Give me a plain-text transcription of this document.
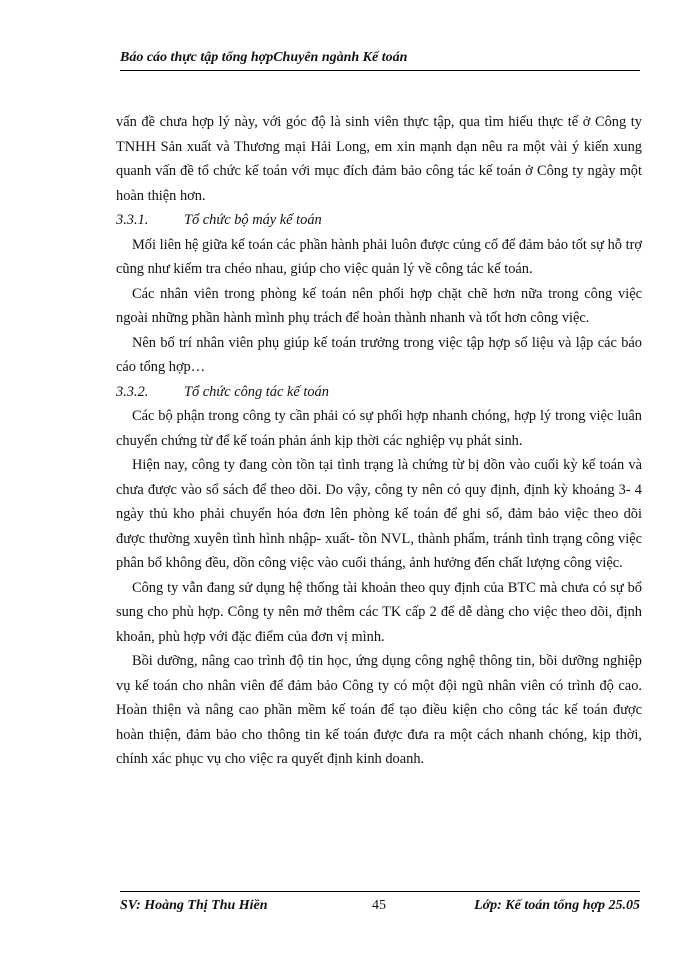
Báo cáo thực tập tổng hợpChuyên ngành Kế toán

vấn đề chưa hợp lý này, với góc độ là sinh viên thực tập, qua tìm hiểu thực tế ở Công ty TNHH Sản xuất và Thương mại Hải Long, em xin mạnh dạn nêu ra một vài ý kiến xung quanh vấn đề tổ chức kế toán với mục đích đảm bảo công tác kế toán ở Công ty ngày một hoàn thiện hơn.

3.3.1.	Tổ chức bộ máy kế toán

Mối liên hệ giữa kế toán các phần hành phải luôn được củng cố để đảm bảo tốt sự hỗ trợ cũng như kiểm tra chéo nhau, giúp cho việc quản lý về công tác kế toán.

Các nhân viên trong phòng kế toán nên phối hợp chặt chẽ hơn nữa trong công việc ngoài những phần hành mình phụ trách để hoàn thành nhanh và tốt hơn công việc.

Nên bố trí nhân viên phụ giúp kế toán trưởng trong việc tập hợp số liệu và lập các báo cáo tổng hợp…

3.3.2.	Tổ chức công tác kế toán

Các bộ phận trong công ty cần phải có sự phối hợp nhanh chóng, hợp lý trong việc luân chuyển chứng từ để kế toán phản ánh kịp thời các nghiệp vụ phát sinh.

Hiện nay, công ty đang còn tồn tại tình trạng là chứng từ bị dồn vào cuối kỳ kế toán và chưa được vào sổ sách để theo dõi. Do vậy, công ty nên có quy định, định kỳ khoảng 3- 4 ngày thủ kho phải chuyển hóa đơn lên phòng kế toán để ghi sổ, đảm bảo việc theo dõi được thường xuyên tình hình nhập- xuất- tồn NVL, thành phẩm, tránh tình trạng công việc phân bổ không đều, dồn công việc vào cuối tháng, ảnh hưởng đến chất lượng công việc.

Công ty vẫn đang sử dụng hệ thống tài khoản theo quy định của BTC mà chưa có sự bổ sung cho phù hợp. Công ty nên mở thêm các TK cấp 2 để dễ dàng cho việc theo dõi, định khoản, phù hợp với đặc điểm của đơn vị mình.

Bồi dưỡng, nâng cao trình độ tin học, ứng dụng công nghệ thông tin, bồi dưỡng nghiệp vụ kế toán cho nhân viên để đảm bảo Công ty có một đội ngũ nhân viên có trình độ cao. Hoàn thiện và nâng cao phần mềm kế toán để tạo điều kiện cho công tác kế toán được hoàn thiện, đảm bảo cho thông tin kế toán được đưa ra một cách nhanh chóng, kịp thời, chính xác phục vụ cho việc ra quyết định kinh doanh.

SV: Hoàng Thị Thu Hiền	45	Lớp: Kế toán tổng hợp 25.05
